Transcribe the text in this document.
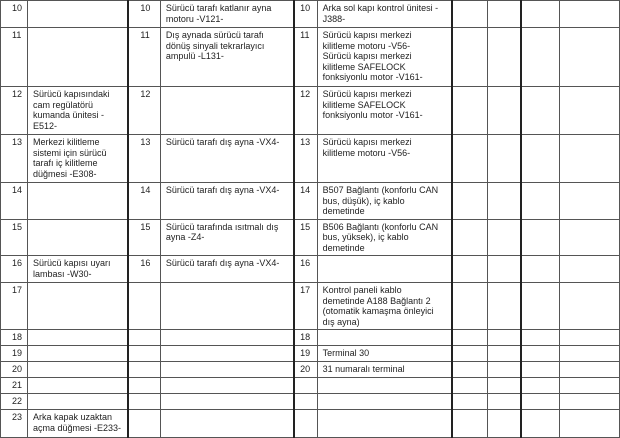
10		10	Sürücü tarafı katlanır ayna motoru -V121-	10	Arka sol kapı kontrol ünitesi -J388-				
11		11	Dış aynada sürücü tarafı dönüş sinyali tekrarlayıcı ampulü -L131-	11	Sürücü kapısı merkezi kilitleme motoru -V56-
Sürücü kapısı merkezi kilitleme SAFELOCK fonksiyonlu motor -V161-				
12	Sürücü kapısındaki cam regülatörü kumanda ünitesi -E512-	12		12	Sürücü kapısı merkezi kilitleme SAFELOCK fonksiyonlu motor -V161-				
13	Merkezi kilitleme sistemi için sürücü tarafı iç kilitleme düğmesi -E308-	13	Sürücü tarafı dış ayna -VX4-	13	Sürücü kapısı merkezi kilitleme motoru -V56-				
14		14	Sürücü tarafı dış ayna -VX4-	14	B507 Bağlantı (konforlu CAN bus, düşük), iç kablo demetinde				
15		15	Sürücü tarafında ısıtmalı dış ayna -Z4-	15	B506 Bağlantı (konforlu CAN bus, yüksek), iç kablo demetinde				
16	Sürücü kapısı uyarı lambası -W30-	16	Sürücü tarafı dış ayna -VX4-	16					
17				17	Kontrol paneli kablo demetinde A188 Bağlantı 2 (otomatik kamaşma önleyici dış ayna)				
18				18					
19				19	Terminal 30				
20				20	31 numaralı terminal				
21									
22									
23	Arka kapak uzaktan açma düğmesi -E233-								
